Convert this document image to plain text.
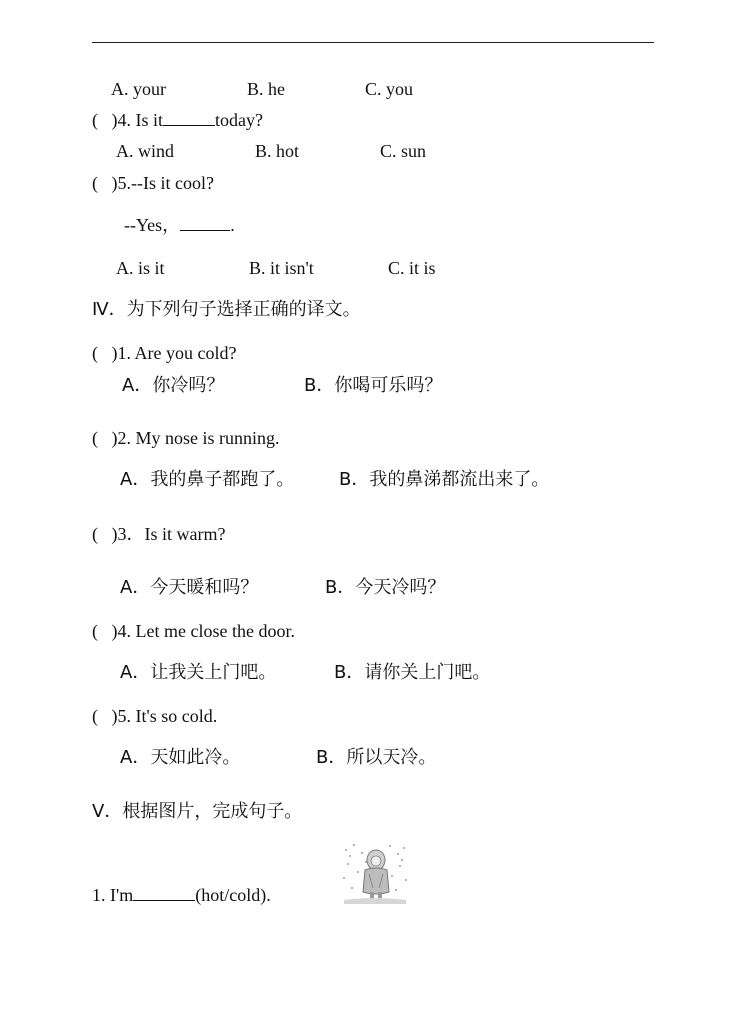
A. your	B. he	C. you
( )4. Is it	today?
A. wind	B. hot	C. sun
( )5.--Is it cool?
--Yes，	.
A. is it	B. it isn't	C. it is
Ⅳ．为下列句子选择正确的译文。
( )1. Are you cold?
A．你冷吗？	B．你喝可乐吗？
( )2. My nose is running.
A．我的鼻子都跑了。 B．我的鼻涕都流出来了。
( )3．Is it warm?
A．今天暖和吗？	B．今天冷吗？
( )4. Let me close the door.
A．让我关上门吧。	B．请你关上门吧。
( )5. It's so cold.
A．天如此冷。	B．所以天冷。
Ⅴ．根据图片，完成句子。
1. I'm	(hot/cold).
